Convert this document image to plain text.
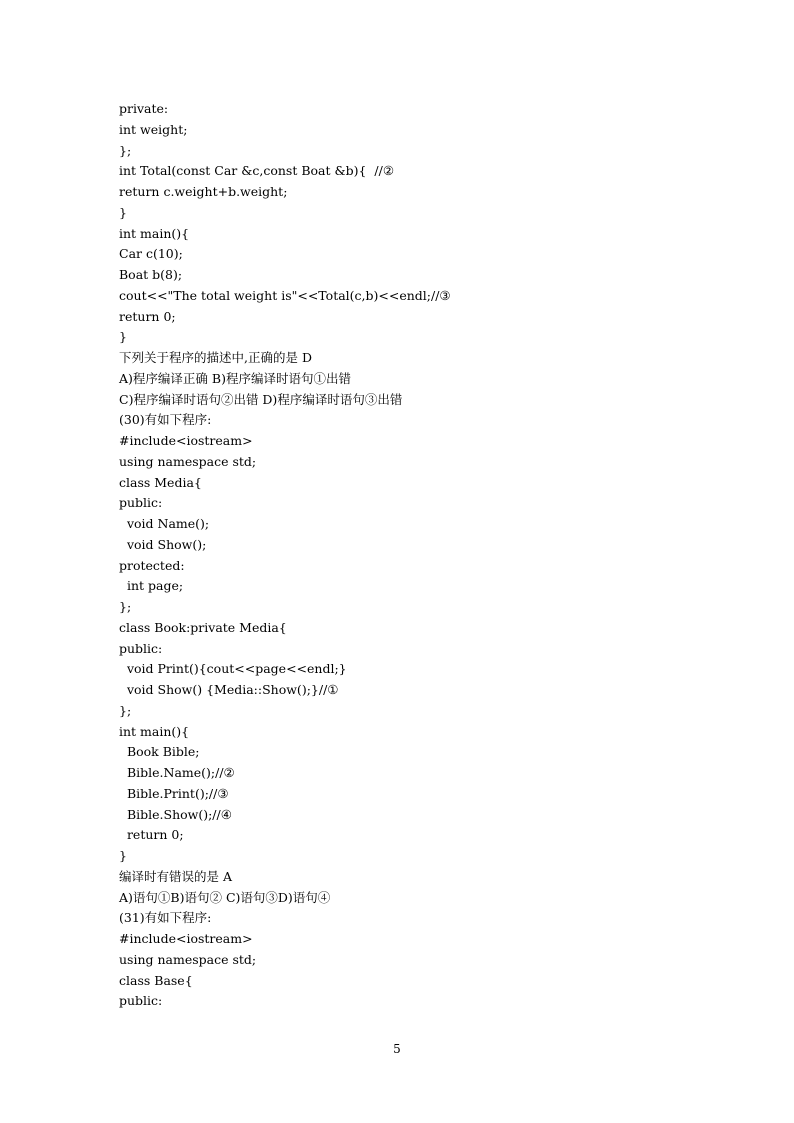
private:
int weight;
};
int Total(const Car &c,const Boat &b){  //②
return c.weight+b.weight;
}
int main(){
Car c(10);
Boat b(8);
cout<<"The total weight is"<<Total(c,b)<<endl;//③
return 0;
}
下列关于程序的描述中,正确的是 D
A)程序编译正确 B)程序编译时语句①出错
C)程序编译时语句②出错 D)程序编译时语句③出错
(30)有如下程序:
#include<iostream>
using namespace std;
class Media{
public:
void Name();
void Show();
protected:
int page;
};
class Book:private Media{
public:
void Print(){cout<<page<<endl;}
void Show() {Media::Show();}//①
};
int main(){
Book Bible;
Bible.Name();//②
Bible.Print();//③
Bible.Show();//④
return 0;
}
编译时有错误的是 A
A)语句①B)语句② C)语句③D)语句④
(31)有如下程序:
#include<iostream>
using namespace std;
class Base{
public:
5
